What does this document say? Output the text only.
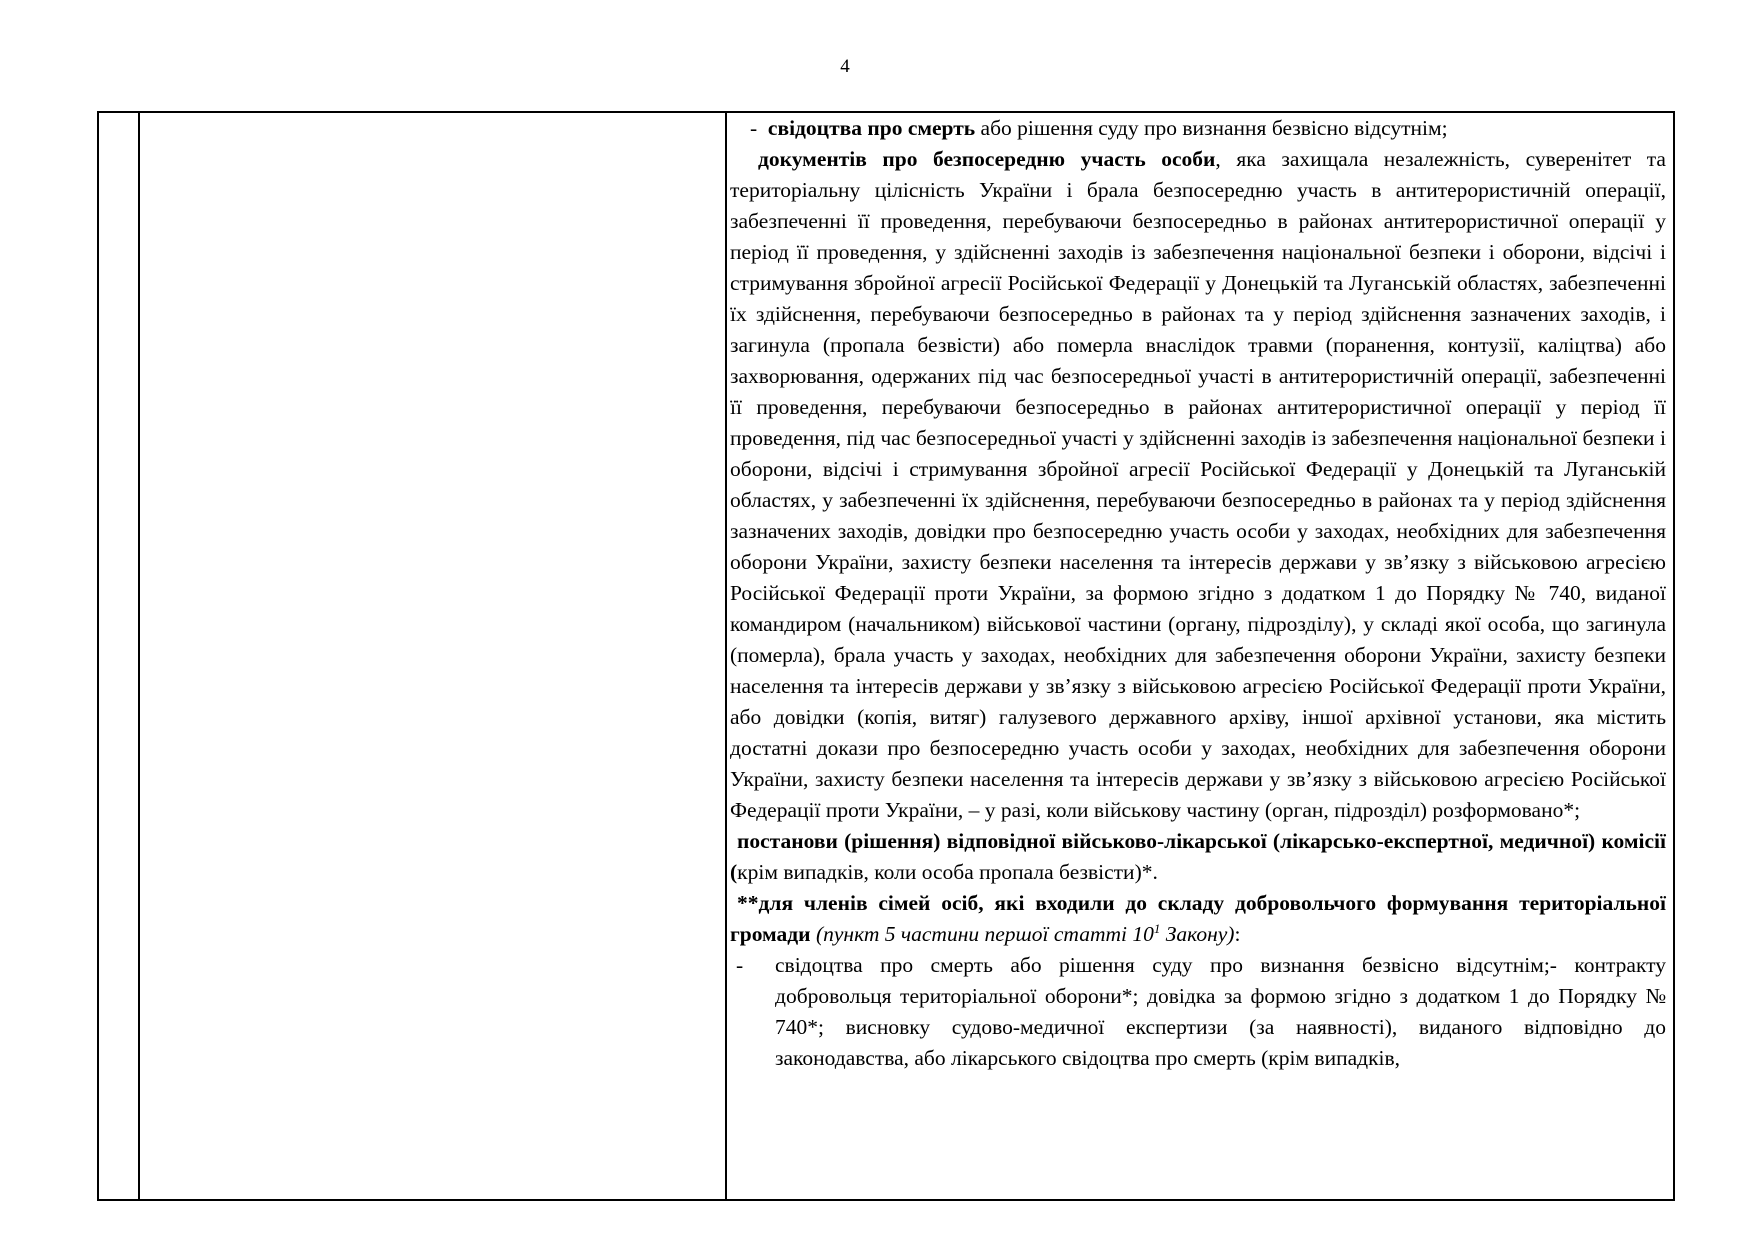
4

- свідоцтва про смерть або рішення суду про визнання безвісно відсутнім;

документів про безпосередню участь особи, яка захищала незалежність, суверенітет та територіальну цілісність України і брала безпосередню участь в антитерористичній операції, забезпеченні її проведення, перебуваючи безпосередньо в районах антитерористичної операції у період її проведення, у здійсненні заходів із забезпечення національної безпеки і оборони, відсічі і стримування збройної агресії Російської Федерації у Донецькій та Луганській областях, забезпеченні їх здійснення, перебуваючи безпосередньо в районах та у період здійснення зазначених заходів, і загинула (пропала безвісти) або померла внаслідок травми (поранення, контузії, каліцтва) або захворювання, одержаних під час безпосередньої участі в антитерористичній операції, забезпеченні її проведення, перебуваючи безпосередньо в районах антитерористичної операції у період її проведення, під час безпосередньої участі у здійсненні заходів із забезпечення національної безпеки і оборони, відсічі і стримування збройної агресії Російської Федерації у Донецькій та Луганській областях, у забезпеченні їх здійснення, перебуваючи безпосередньо в районах та у період здійснення зазначених заходів, довідки про безпосередню участь особи у заходах, необхідних для забезпечення оборони України, захисту безпеки населення та інтересів держави у зв’язку з військовою агресією Російської Федерації проти України, за формою згідно з додатком 1 до Порядку № 740, виданої командиром (начальником) військової частини (органу, підрозділу), у складі якої особа, що загинула (померла), брала участь у заходах, необхідних для забезпечення оборони України, захисту безпеки населення та інтересів держави у зв’язку з військовою агресією Російської Федерації проти України, або довідки (копія, витяг) галузевого державного архіву, іншої архівної установи, яка містить достатні докази про безпосередню участь особи у заходах, необхідних для забезпечення оборони України, захисту безпеки населення та інтересів держави у зв’язку з військовою агресією Російської Федерації проти України, – у разі, коли військову частину (орган, підрозділ) розформовано*;

постанови (рішення) відповідної військово-лікарської (лікарсько-експертної, медичної) комісії (крім випадків, коли особа пропала безвісти)*.

**для членів сімей осіб, які входили до складу добровольчого формування територіальної громади (пункт 5 частини першої статті $10^1$ Закону):

-	свідоцтва про смерть або рішення суду про визнання безвісно відсутнім;- контракту добровольця територіальної оборони*; довідка за формою згідно з додатком 1 до Порядку № 740*; висновку судово-медичної експертизи (за наявності), виданого відповідно до законодавства, або лікарського свідоцтва про смерть (крім випадків,
